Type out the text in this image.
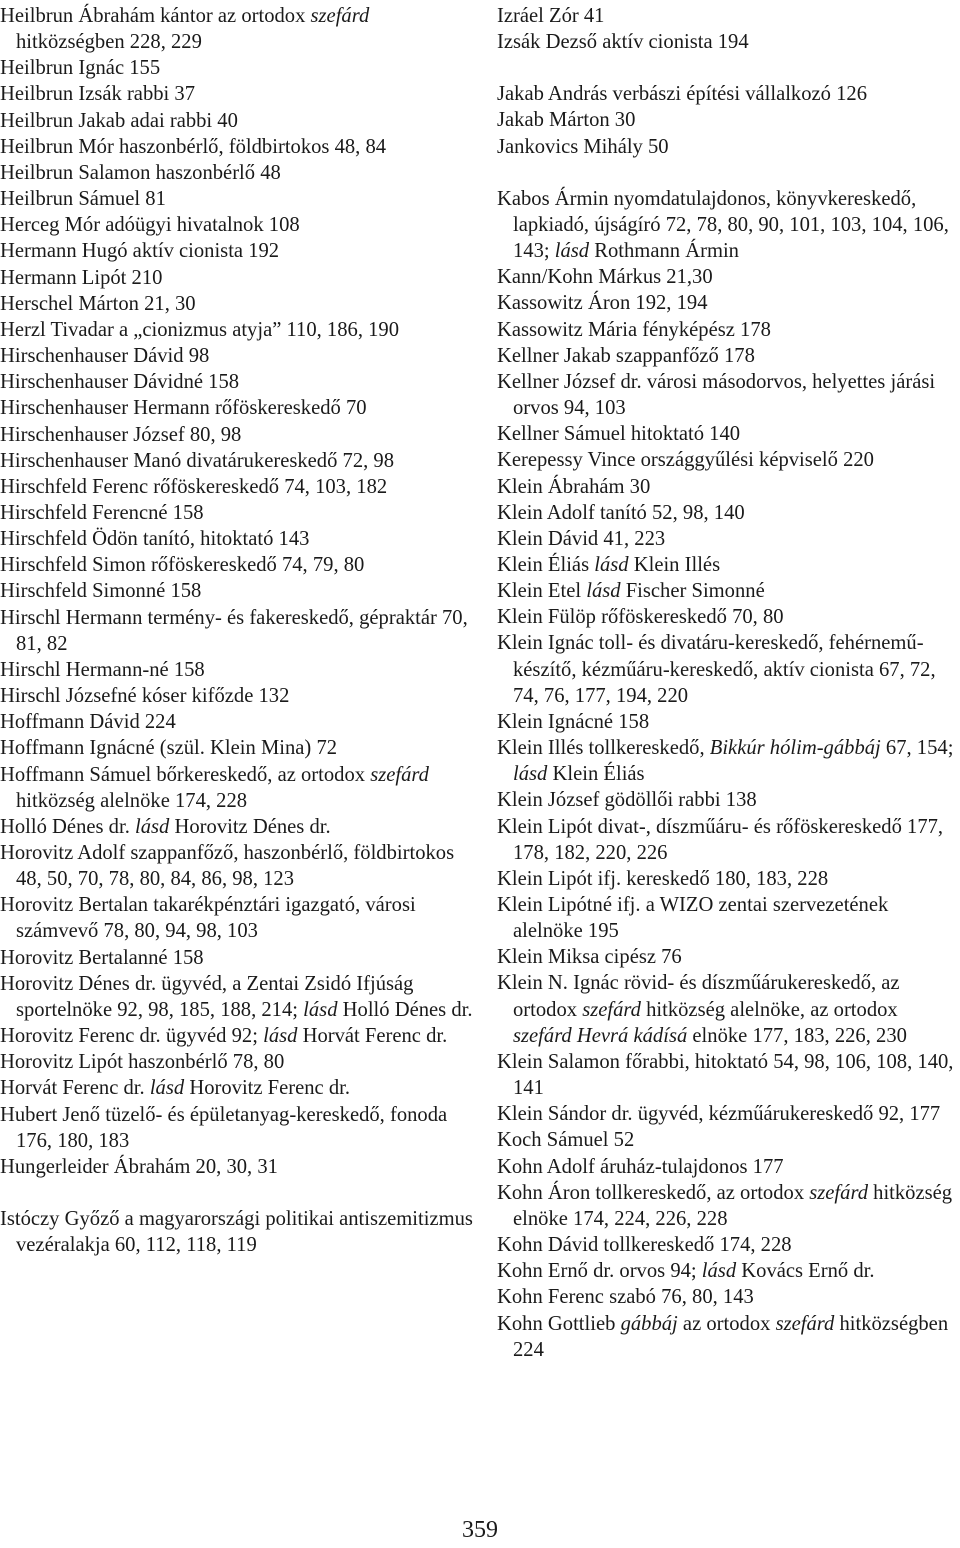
Heilbrun Ábrahám kántor az ortodox szefárd hitközségben 228, 229

Heilbrun Ignác 155

Heilbrun Izsák rabbi 37

Heilbrun Jakab adai rabbi 40

Heilbrun Mór haszonbérlő, földbirtokos 48, 84

Heilbrun Salamon haszonbérlő 48

Heilbrun Sámuel 81

Herceg Mór adóügyi hivatalnok 108

Hermann Hugó aktív cionista 192

Hermann Lipót 210

Herschel Márton 21, 30

Herzl Tivadar a „cionizmus atyja” 110, 186, 190

Hirschenhauser Dávid 98

Hirschenhauser Dávidné 158

Hirschenhauser Hermann rőföskereskedő 70

Hirschenhauser József 80, 98

Hirschenhauser Manó divatárukereskedő 72, 98

Hirschfeld Ferenc rőföskereskedő 74, 103, 182

Hirschfeld Ferencné 158

Hirschfeld Ödön tanító, hitoktató 143

Hirschfeld Simon rőföskereskedő 74, 79, 80

Hirschfeld Simonné 158

Hirschl Hermann termény- és fakereskedő, gépraktár 70, 81, 82

Hirschl Hermann-né 158

Hirschl Józsefné kóser kifőzde 132

Hoffmann Dávid 224

Hoffmann Ignácné (szül. Klein Mina) 72

Hoffmann Sámuel bőrkereskedő, az ortodox szefárd hitközség alelnöke 174, 228

Holló Dénes dr. lásd Horovitz Dénes dr.

Horovitz Adolf szappanfőző, haszonbérlő, földbirtokos 48, 50, 70, 78, 80, 84, 86, 98, 123

Horovitz Bertalan takarékpénztári igazgató, városi számvevő 78, 80, 94, 98, 103

Horovitz Bertalanné 158

Horovitz Dénes dr. ügyvéd, a Zentai Zsidó Ifjúság sportelnöke 92, 98, 185, 188, 214; lásd Holló Dénes dr.

Horovitz Ferenc dr. ügyvéd 92; lásd Horvát Ferenc dr.

Horovitz Lipót haszonbérlő 78, 80

Horvát Ferenc dr. lásd Horovitz Ferenc dr.

Hubert Jenő tüzelő- és épületanyag-kereskedő, fonoda 176, 180, 183

Hungerleider Ábrahám 20, 30, 31

Istóczy Győző a magyarországi politikai antiszemitizmus vezéralakja 60, 112, 118, 119

Izráel Zór 41

Izsák Dezső aktív cionista 194

Jakab András verbászi építési vállalkozó 126

Jakab Márton 30

Jankovics Mihály 50

Kabos Ármin nyomdatulajdonos, könyvkereskedő, lapkiadó, újságíró 72, 78, 80, 90, 101, 103, 104, 106, 143; lásd Rothmann Ármin

Kann/Kohn Márkus 21,30

Kassowitz Áron 192, 194

Kassowitz Mária fényképész 178

Kellner Jakab szappanfőző 178

Kellner József dr. városi másodorvos, helyettes járási orvos 94, 103

Kellner Sámuel hitoktató 140

Kerepessy Vince országgyűlési képviselő 220

Klein Ábrahám 30

Klein Adolf tanító 52, 98, 140

Klein Dávid 41, 223

Klein Éliás lásd Klein Illés

Klein Etel lásd Fischer Simonné

Klein Fülöp rőföskereskedő 70, 80

Klein Ignác toll- és divatáru-kereskedő, fehérnemű-készítő, kézműáru-kereskedő, aktív cionista 67, 72, 74, 76, 177, 194, 220

Klein Ignácné 158

Klein Illés tollkereskedő, Bikkúr hólim-gábbáj 67, 154; lásd Klein Éliás

Klein József gödöllői rabbi 138

Klein Lipót divat-, díszműáru- és rőföskereskedő 177, 178, 182, 220, 226

Klein Lipót ifj. kereskedő 180, 183, 228

Klein Lipótné ifj. a WIZO zentai szervezetének alelnöke 195

Klein Miksa cipész 76

Klein N. Ignác rövid- és díszműárukereskedő, az ortodox szefárd hitközség alelnöke, az ortodox szefárd Hevrá kádísá elnöke 177, 183, 226, 230

Klein Salamon főrabbi, hitoktató 54, 98, 106, 108, 140, 141

Klein Sándor dr. ügyvéd, kézműárukereskedő 92, 177

Koch Sámuel 52

Kohn Adolf áruház-tulajdonos 177

Kohn Áron tollkereskedő, az ortodox szefárd hitközség elnöke 174, 224, 226, 228

Kohn Dávid tollkereskedő 174, 228

Kohn Ernő dr. orvos 94; lásd Kovács Ernő dr.

Kohn Ferenc szabó 76, 80, 143

Kohn Gottlieb gábbáj az ortodox szefárd hitközségben 224

359
